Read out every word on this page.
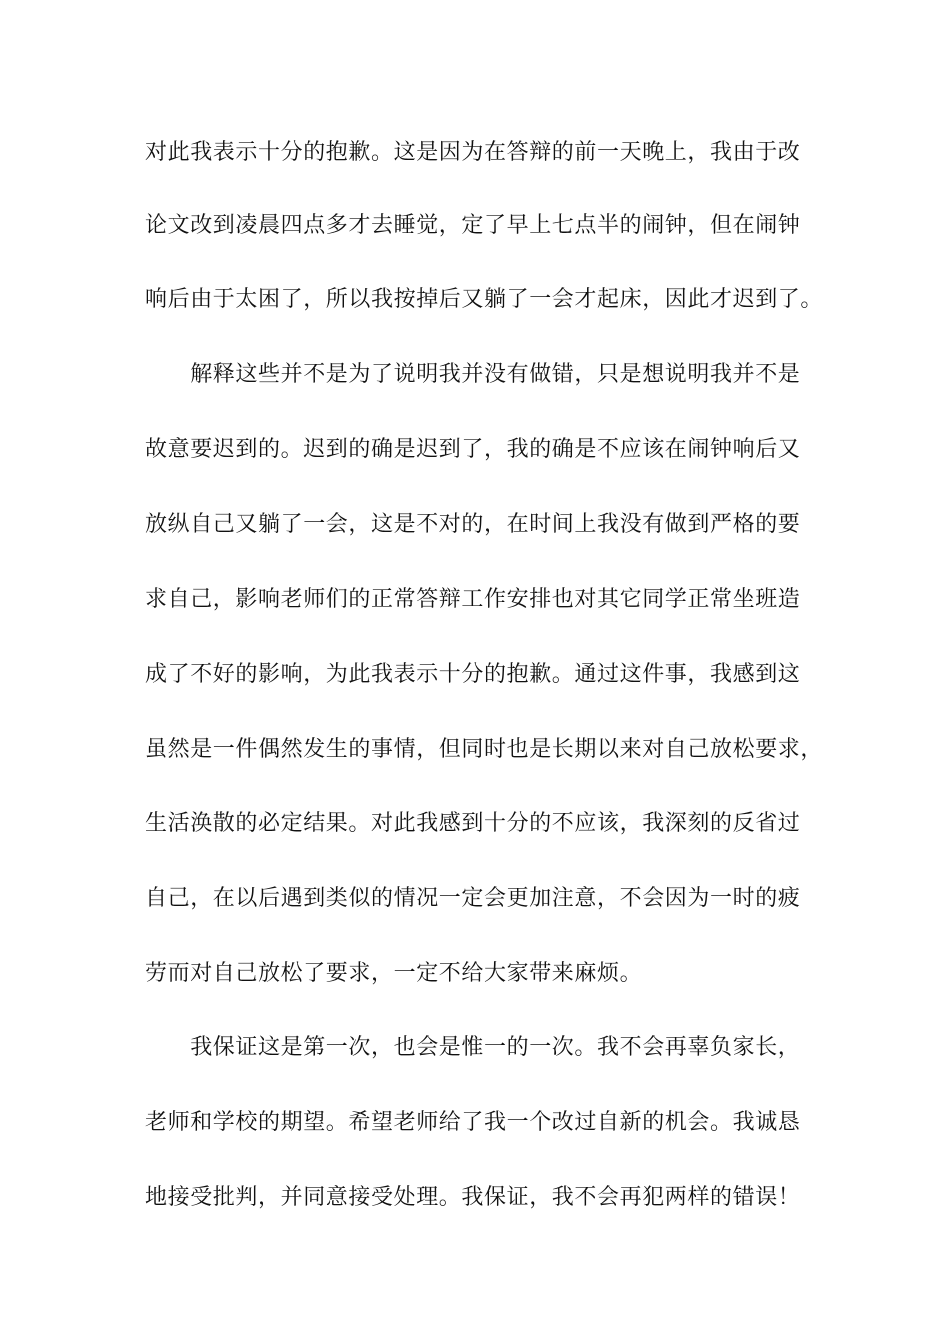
对此我表示十分的抱歉。这是因为在答辩的前一天晚上，我由于改
论文改到凌晨四点多才去睡觉，定了早上七点半的闹钟，但在闹钟
响后由于太困了，所以我按掉后又躺了一会才起床，因此才迟到了。
　　解释这些并不是为了说明我并没有做错，只是想说明我并不是
故意要迟到的。迟到的确是迟到了，我的确是不应该在闹钟响后又
放纵自己又躺了一会，这是不对的，在时间上我没有做到严格的要
求自己，影响老师们的正常答辩工作安排也对其它同学正常坐班造
成了不好的影响，为此我表示十分的抱歉。通过这件事，我感到这
虽然是一件偶然发生的事情，但同时也是长期以来对自己放松要求，
生活涣散的必定结果。对此我感到十分的不应该，我深刻的反省过
自己，在以后遇到类似的情况一定会更加注意，不会因为一时的疲
劳而对自己放松了要求，一定不给大家带来麻烦。
　　我保证这是第一次，也会是惟一的一次。我不会再辜负家长，
老师和学校的期望。希望老师给了我一个改过自新的机会。我诚恳
地接受批判，并同意接受处理。我保证，我不会再犯两样的错误！
